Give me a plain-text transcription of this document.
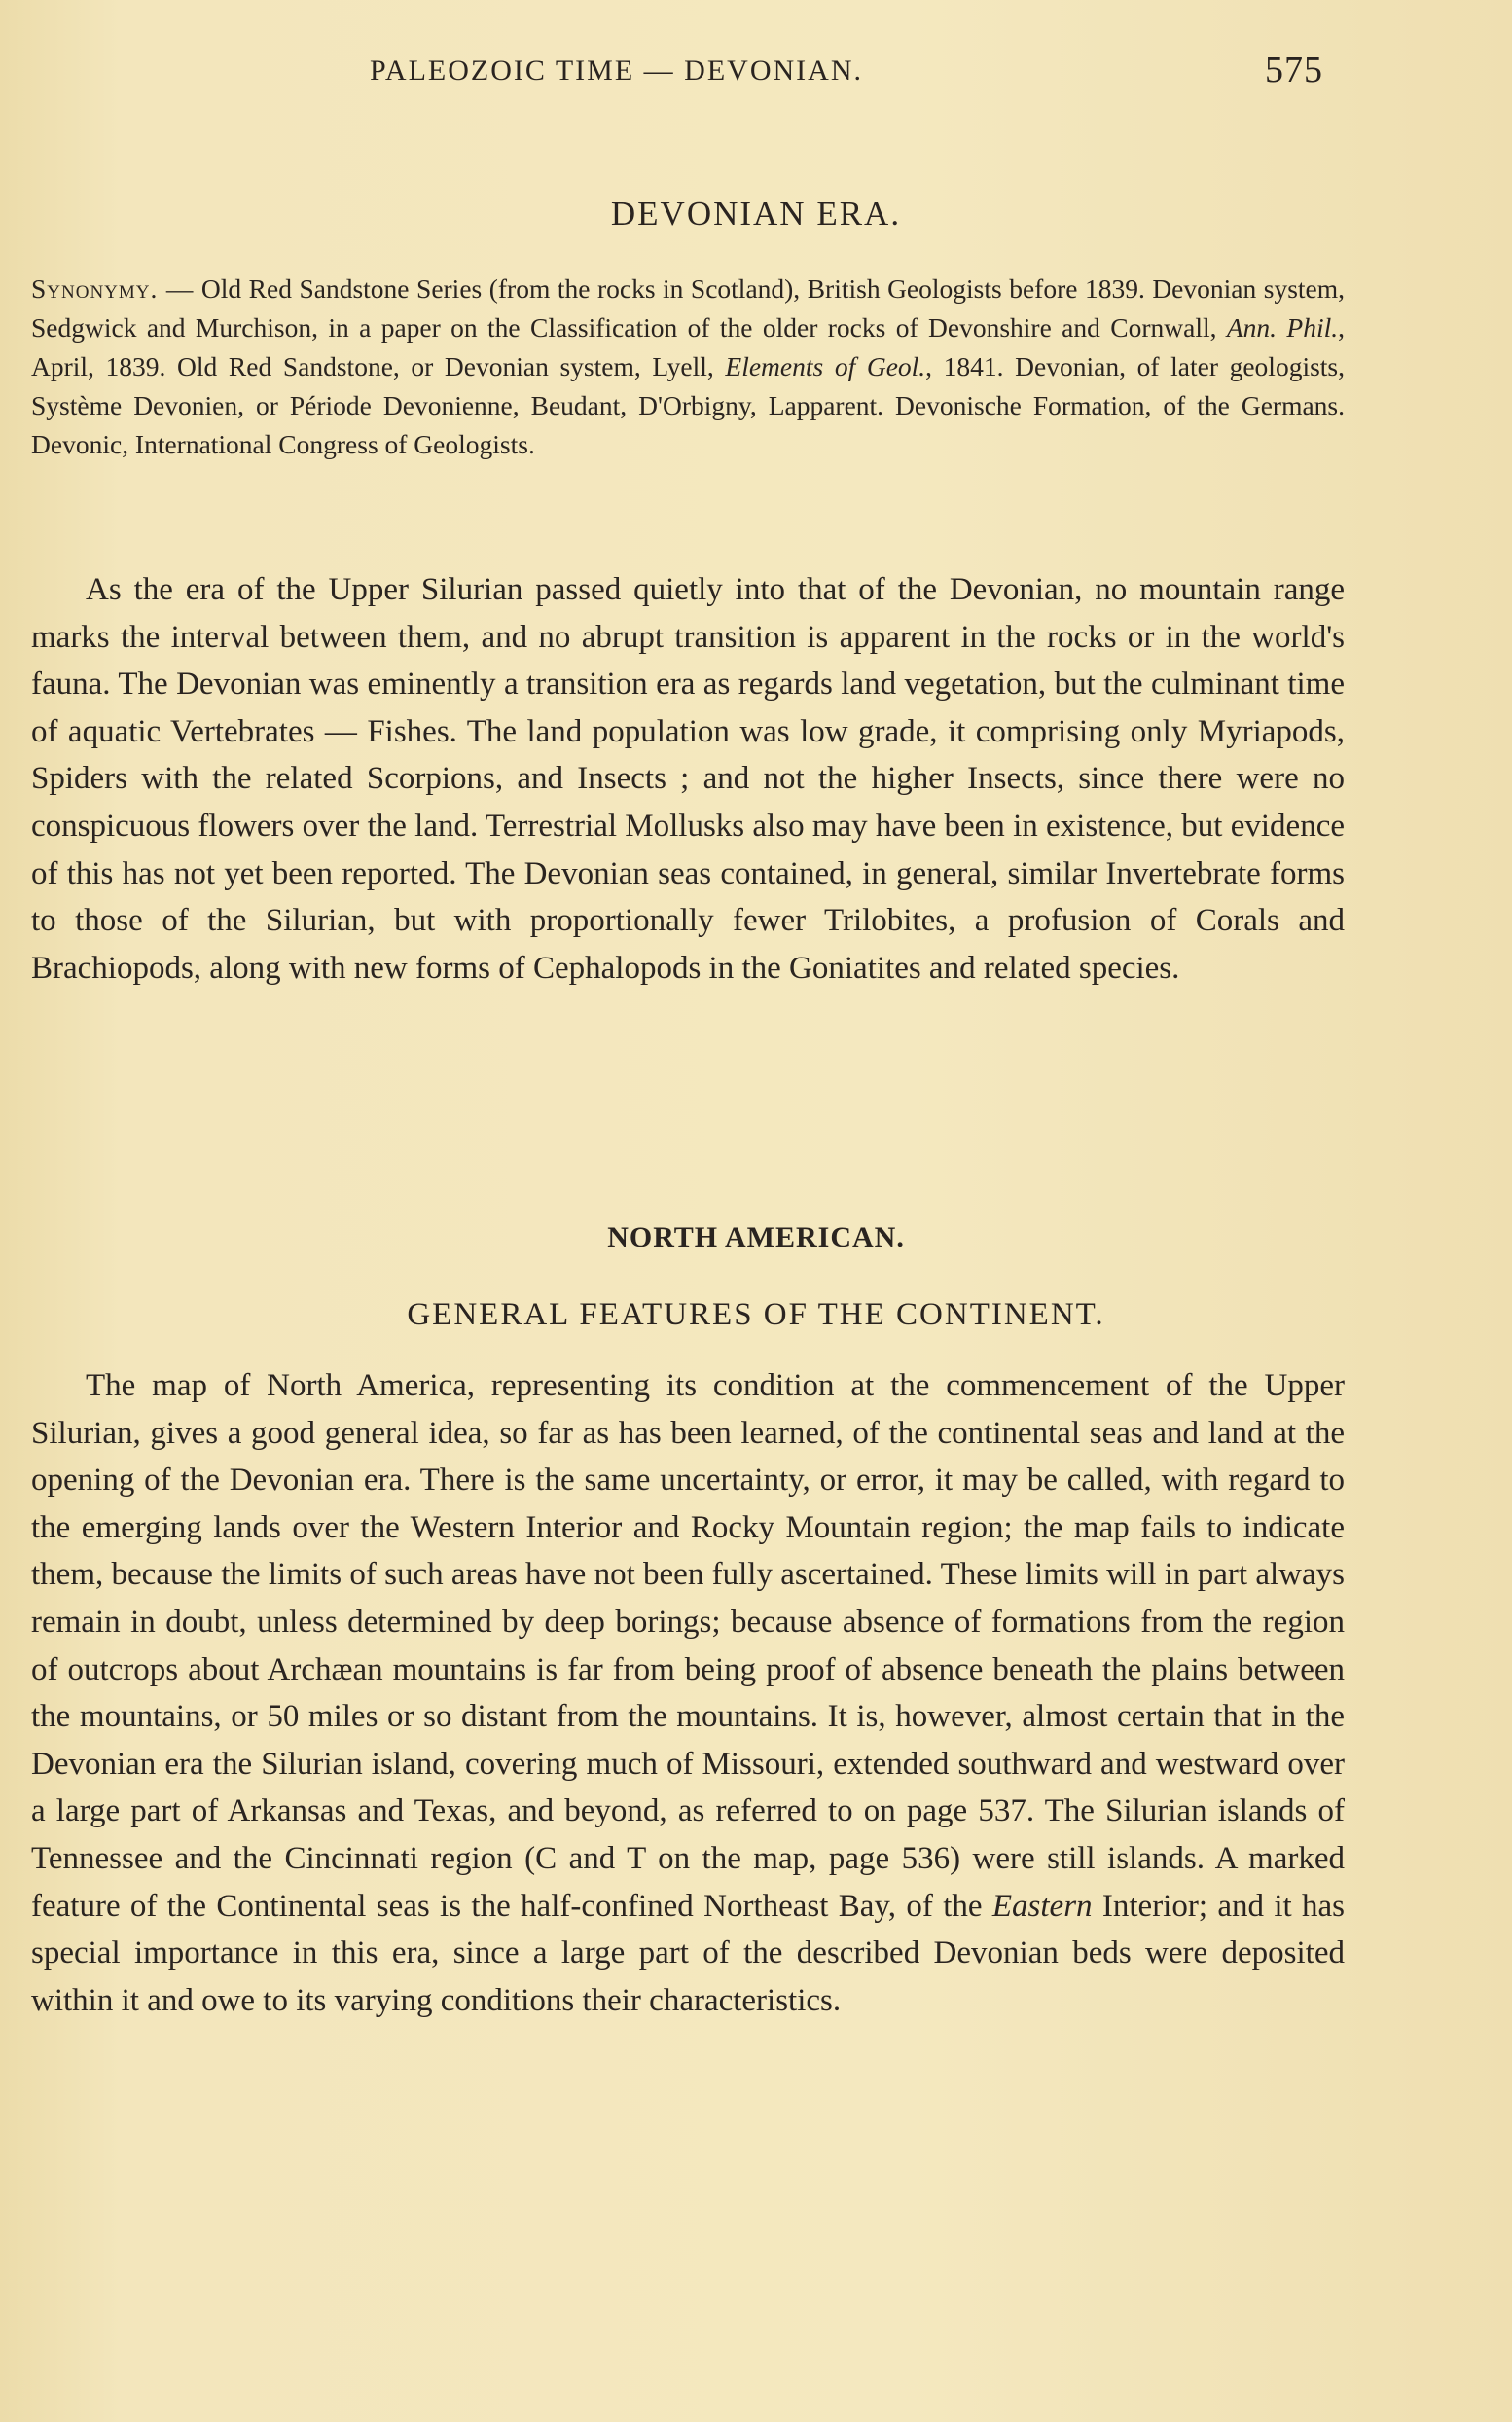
PALEOZOIC TIME — DEVONIAN.	575
DEVONIAN ERA.

Synonymy. — Old Red Sandstone Series (from the rocks in Scotland), British Geologists before 1839. Devonian system, Sedgwick and Murchison, in a paper on the Classification of the older rocks of Devonshire and Cornwall, Ann. Phil., April, 1839. Old Red Sandstone, or Devonian system, Lyell, Elements of Geol., 1841. Devonian, of later geologists, Système Devonien, or Période Devonienne, Beudant, D'Orbigny, Lapparent. Devonische Formation, of the Germans. Devonic, International Congress of Geologists.

As the era of the Upper Silurian passed quietly into that of the Devonian, no mountain range marks the interval between them, and no abrupt transition is apparent in the rocks or in the world's fauna. The Devonian was eminently a transition era as regards land vegetation, but the culminant time of aquatic Vertebrates — Fishes. The land population was low grade, it comprising only Myriapods, Spiders with the related Scorpions, and Insects ; and not the higher Insects, since there were no conspicuous flowers over the land. Terrestrial Mollusks also may have been in existence, but evidence of this has not yet been reported. The Devonian seas contained, in general, similar Invertebrate forms to those of the Silurian, but with proportionally fewer Trilobites, a profusion of Corals and Brachiopods, along with new forms of Cephalopods in the Goniatites and related species.

NORTH AMERICAN.
GENERAL FEATURES OF THE CONTINENT.

The map of North America, representing its condition at the commencement of the Upper Silurian, gives a good general idea, so far as has been learned, of the continental seas and land at the opening of the Devonian era. There is the same uncertainty, or error, it may be called, with regard to the emerging lands over the Western Interior and Rocky Mountain region; the map fails to indicate them, because the limits of such areas have not been fully ascertained. These limits will in part always remain in doubt, unless determined by deep borings; because absence of formations from the region of outcrops about Archæan mountains is far from being proof of absence beneath the plains between the mountains, or 50 miles or so distant from the mountains. It is, however, almost certain that in the Devonian era the Silurian island, covering much of Missouri, extended southward and westward over a large part of Arkansas and Texas, and beyond, as referred to on page 537. The Silurian islands of Tennessee and the Cincinnati region (C and T on the map, page 536) were still islands. A marked feature of the Continental seas is the half-confined Northeast Bay, of the Eastern Interior; and it has special importance in this era, since a large part of the described Devonian beds were deposited within it and owe to its varying conditions their characteristics.
